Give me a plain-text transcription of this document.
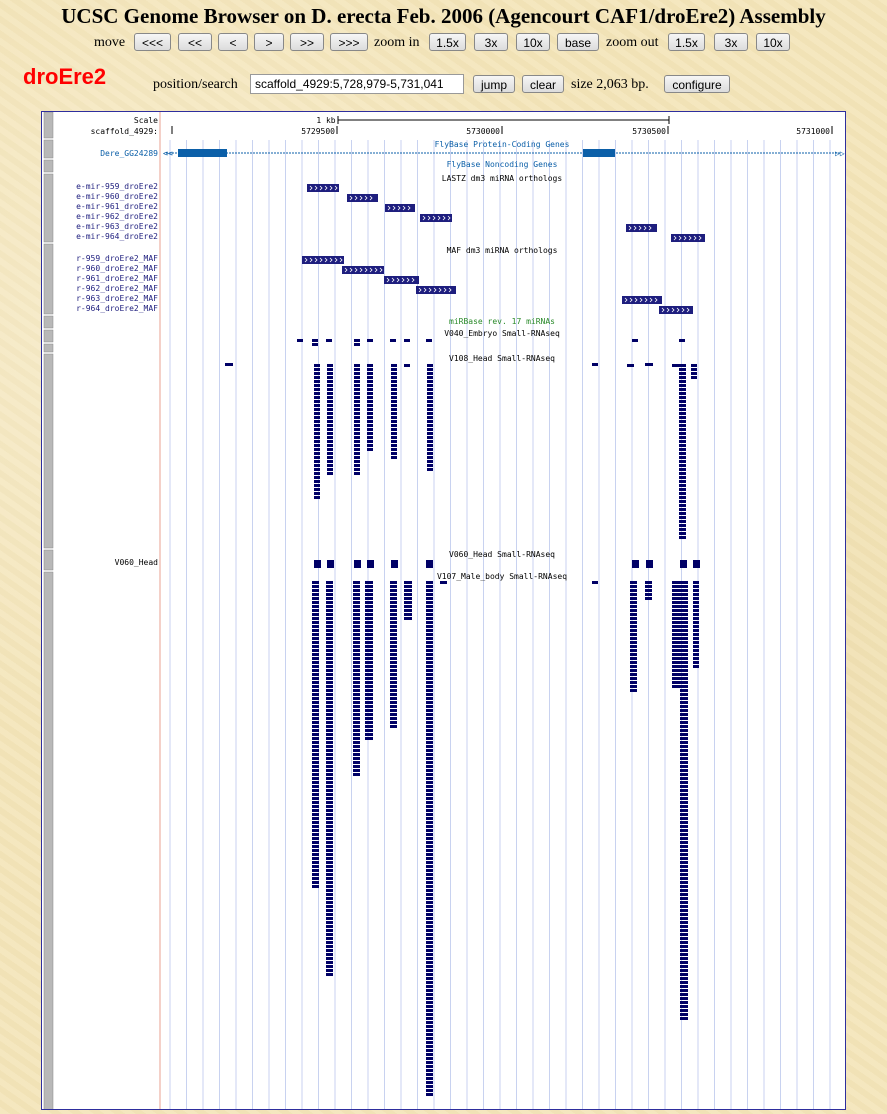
UCSC Genome Browser on D. erecta Feb. 2006 (Agencourt CAF1/droEre2) Assembly
move	<<<	<<	<	>	>>	>>>	zoom in	1.5x	3x	10x	base	zoom out	1.5x	3x	10x
droEre2	position/search
scaffold_4929:5,728,979-5,731,041	jump	clear	size 2,063 bp.	configure
Scale
scaffold_4929:
1 kb
5729500	5730000	5730500	5731000
FlyBase Protein-Coding Genes
Dere_GG24289 ⊲⊲	▷▷
FlyBase Noncoding Genes
LASTZ dm3 miRNA orthologs
e-mir-959_droEre2
e-mir-960_droEre2
e-mir-961_droEre2
e-mir-962_droEre2
e-mir-963_droEre2
e-mir-964_droEre2
MAF dm3 miRNA orthologs
r-959_droEre2_MAF
r-960_droEre2_MAF
r-961_droEre2_MAF
r-962_droEre2_MAF
r-963_droEre2_MAF
r-964_droEre2_MAF
miRBase rev. 17 miRNAs
V040_Embryo Small-RNAseq
V108_Head Small-RNAseq
V060_Head Small-RNAseq
V060_Head
V107_Male_body Small-RNAseq
